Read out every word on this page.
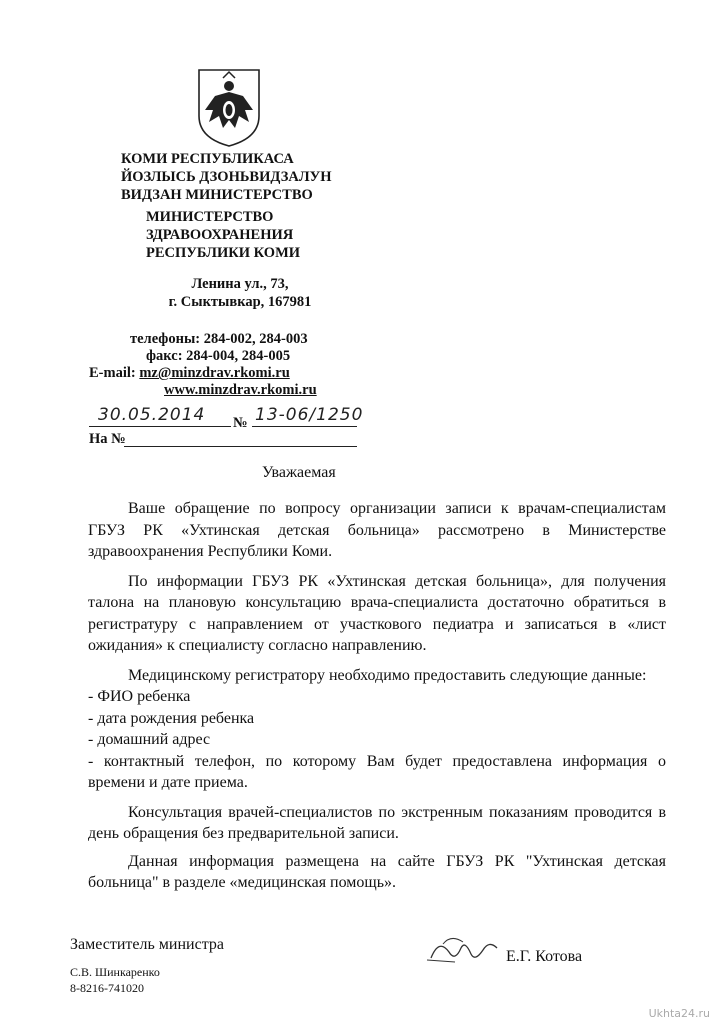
КОМИ РЕСПУБЛИКАСА
ЙОЗЛЫСЬ ДЗОНЬВИДЗАЛУН
ВИДЗАН МИНИСТЕРСТВО
МИНИСТЕРСТВО
ЗДРАВООХРАНЕНИЯ
РЕСПУБЛИКИ КОМИ
Ленина ул., 73,
г. Сыктывкар, 167981
телефоны: 284-002, 284-003
факс: 284-004, 284-005
E-mail: mz@minzdrav.rkomi.ru
www.minzdrav.rkomi.ru
30.05.2014 № 13-06/1250
На №
Уважаемая

Ваше обращение по вопросу организации записи к врачам-специалистам ГБУЗ РК «Ухтинская детская больница» рассмотрено в Министерстве здравоохранения Республики Коми.

По информации ГБУЗ РК «Ухтинская детская больница», для получения талона на плановую консультацию врача-специалиста достаточно обратиться в регистратуру с направлением от участкового педиатра и записаться в «лист ожидания» к специалисту согласно направлению.

Медицинскому регистратору необходимо предоставить следующие данные:

- ФИО ребенка

- дата рождения ребенка

- домашний адрес

- контактный телефон, по которому Вам будет предоставлена информация о времени и дате приема.

Консультация врачей-специалистов по экстренным показаниям проводится в день обращения без предварительной записи.

Данная информация размещена на сайте ГБУЗ РК "Ухтинская детская больница" в разделе «медицинская помощь».

Заместитель министра
Е.Г. Котова
С.В. Шинкаренко
8-8216-741020
Ukhta24.ru
